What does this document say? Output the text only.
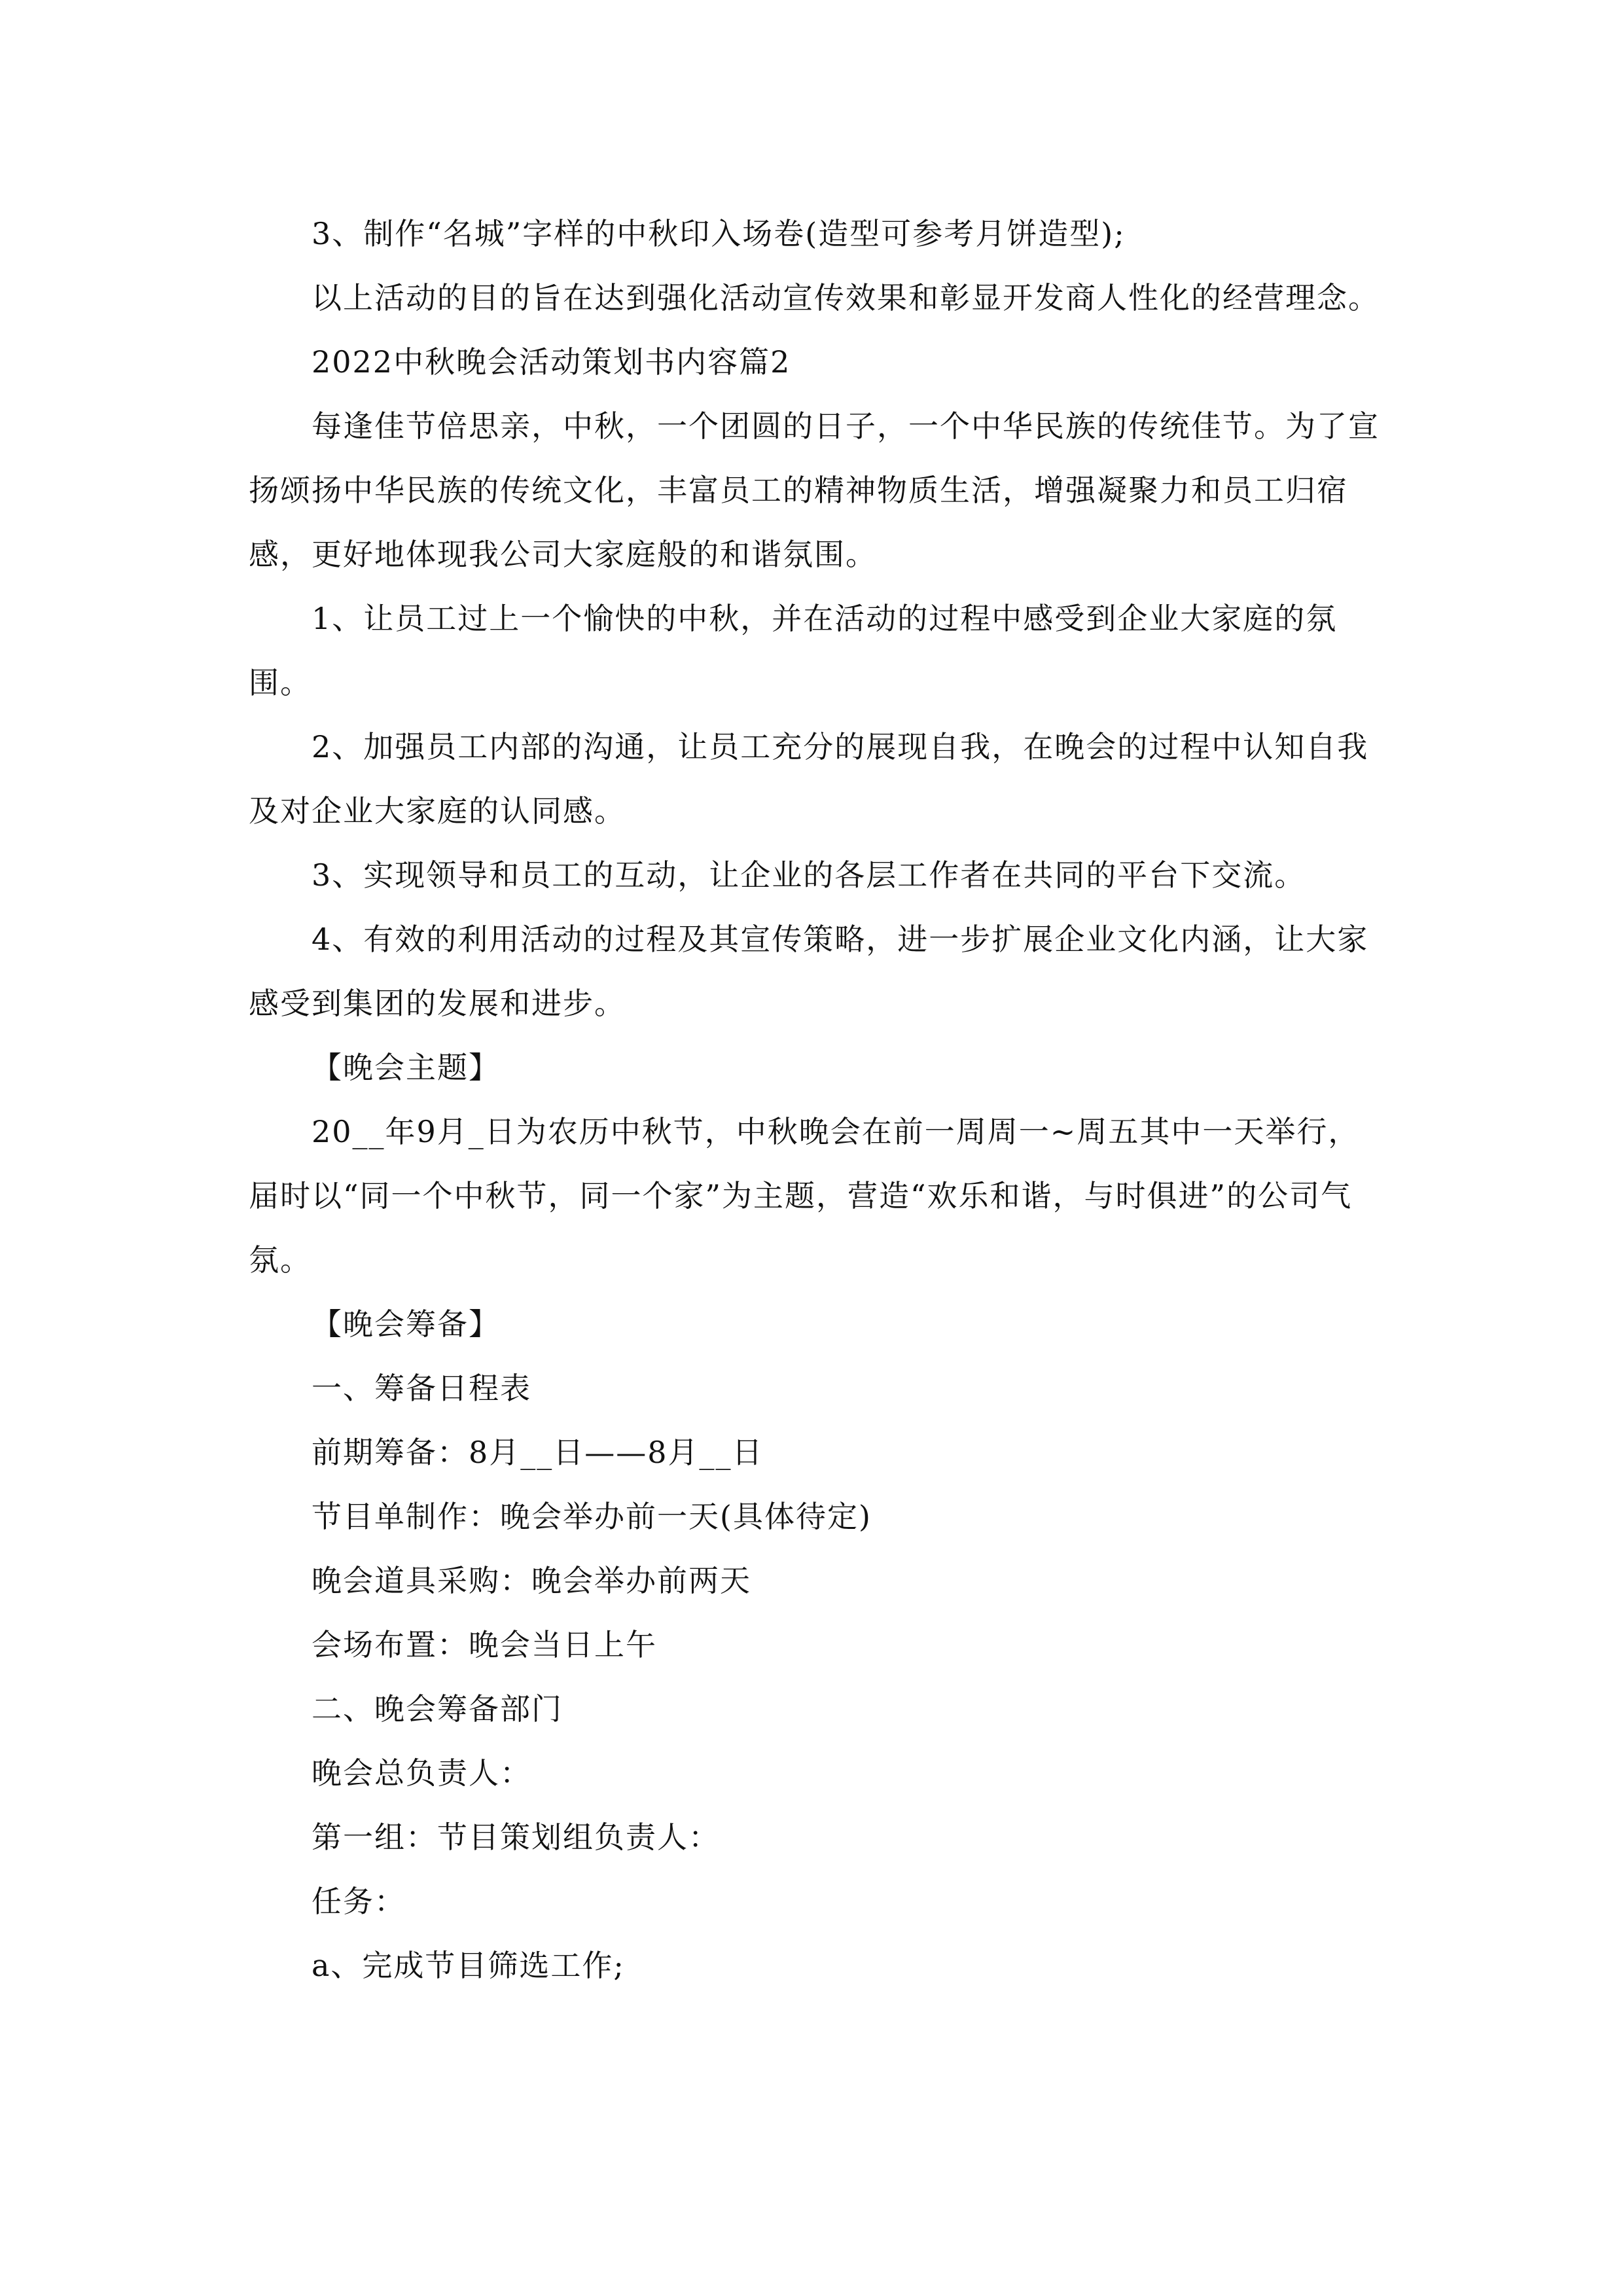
3、制作“名城”字样的中秋印入场卷(造型可参考月饼造型);

以上活动的目的旨在达到强化活动宣传效果和彰显开发商人性化的经营理念。

2022中秋晚会活动策划书内容篇2

每逢佳节倍思亲，中秋，一个团圆的日子，一个中华民族的传统佳节。为了宣扬颂扬中华民族的传统文化，丰富员工的精神物质生活，增强凝聚力和员工归宿感，更好地体现我公司大家庭般的和谐氛围。

1、让员工过上一个愉快的中秋，并在活动的过程中感受到企业大家庭的氛围。

2、加强员工内部的沟通，让员工充分的展现自我，在晚会的过程中认知自我及对企业大家庭的认同感。

3、实现领导和员工的互动，让企业的各层工作者在共同的平台下交流。

4、有效的利用活动的过程及其宣传策略，进一步扩展企业文化内涵，让大家感受到集团的发展和进步。

【晚会主题】

20__年9月_日为农历中秋节，中秋晚会在前一周周一~周五其中一天举行，届时以“同一个中秋节，同一个家”为主题，营造“欢乐和谐，与时俱进”的公司气氛。

【晚会筹备】

一、筹备日程表

前期筹备：8月__日——8月__日

节目单制作：晚会举办前一天(具体待定)

晚会道具采购：晚会举办前两天

会场布置：晚会当日上午

二、晚会筹备部门

晚会总负责人：

第一组：节目策划组负责人：

任务：

a、完成节目筛选工作;
